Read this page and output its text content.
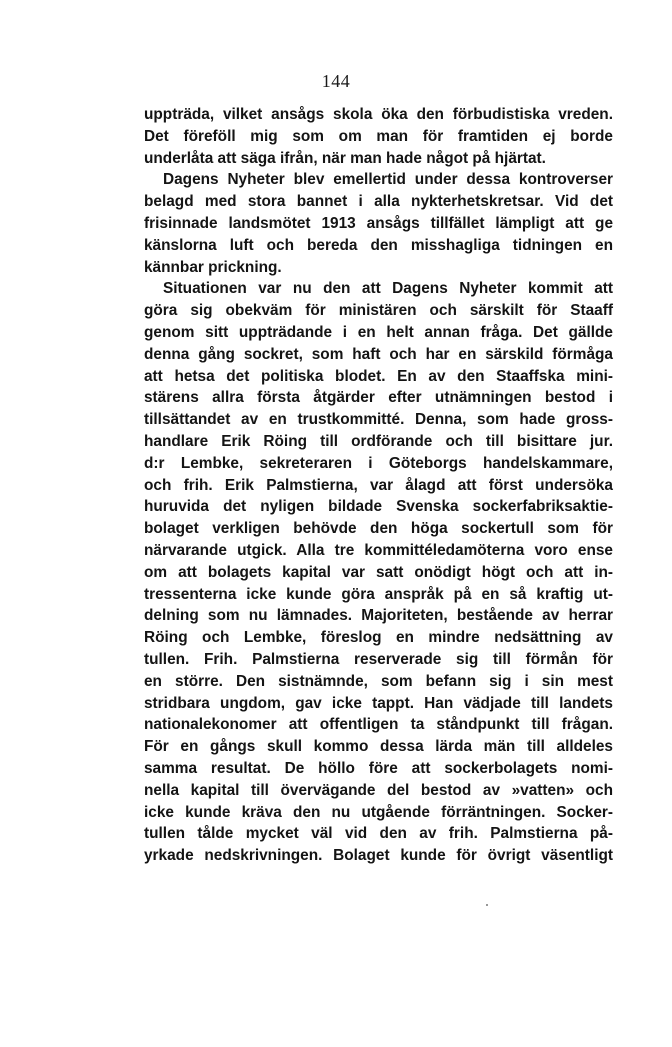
144
uppträda, vilket ansågs skola öka den förbudistiska vreden.
Det föreföll mig som om man för framtiden ej borde
underlåta att säga ifrån, när man hade något på hjärtat.
Dagens Nyheter blev emellertid under dessa kontroverser
belagd med stora bannet i alla nykterhetskretsar. Vid det
frisinnade landsmötet 1913 ansågs tillfället lämpligt att ge
känslorna luft och bereda den misshagliga tidningen en
kännbar prickning.
Situationen var nu den att Dagens Nyheter kommit att
göra sig obekväm för ministären och särskilt för Staaff
genom sitt uppträdande i en helt annan fråga. Det gällde
denna gång sockret, som haft och har en särskild förmåga
att hetsa det politiska blodet. En av den Staaffska mini-
stärens allra första åtgärder efter utnämningen bestod i
tillsättandet av en trustkommitté. Denna, som hade gross-
handlare Erik Röing till ordförande och till bisittare jur.
d:r Lembke, sekreteraren i Göteborgs handelskammare,
och frih. Erik Palmstierna, var ålagd att först undersöka
huruvida det nyligen bildade Svenska sockerfabriksaktie-
bolaget verkligen behövde den höga sockertull som för
närvarande utgick. Alla tre kommittéledamöterna voro ense
om att bolagets kapital var satt onödigt högt och att in-
tressenterna icke kunde göra anspråk på en så kraftig ut-
delning som nu lämnades. Majoriteten, bestående av herrar
Röing och Lembke, föreslog en mindre nedsättning av
tullen. Frih. Palmstierna reserverade sig till förmån för
en större. Den sistnämnde, som befann sig i sin mest
stridbara ungdom, gav icke tappt. Han vädjade till landets
nationalekonomer att offentligen ta ståndpunkt till frågan.
För en gångs skull kommo dessa lärda män till alldeles
samma resultat. De höllo före att sockerbolagets nomi-
nella kapital till övervägande del bestod av »vatten» och
icke kunde kräva den nu utgående förräntningen. Socker-
tullen tålde mycket väl vid den av frih. Palmstierna på-
yrkade nedskrivningen. Bolaget kunde för övrigt väsentligt
